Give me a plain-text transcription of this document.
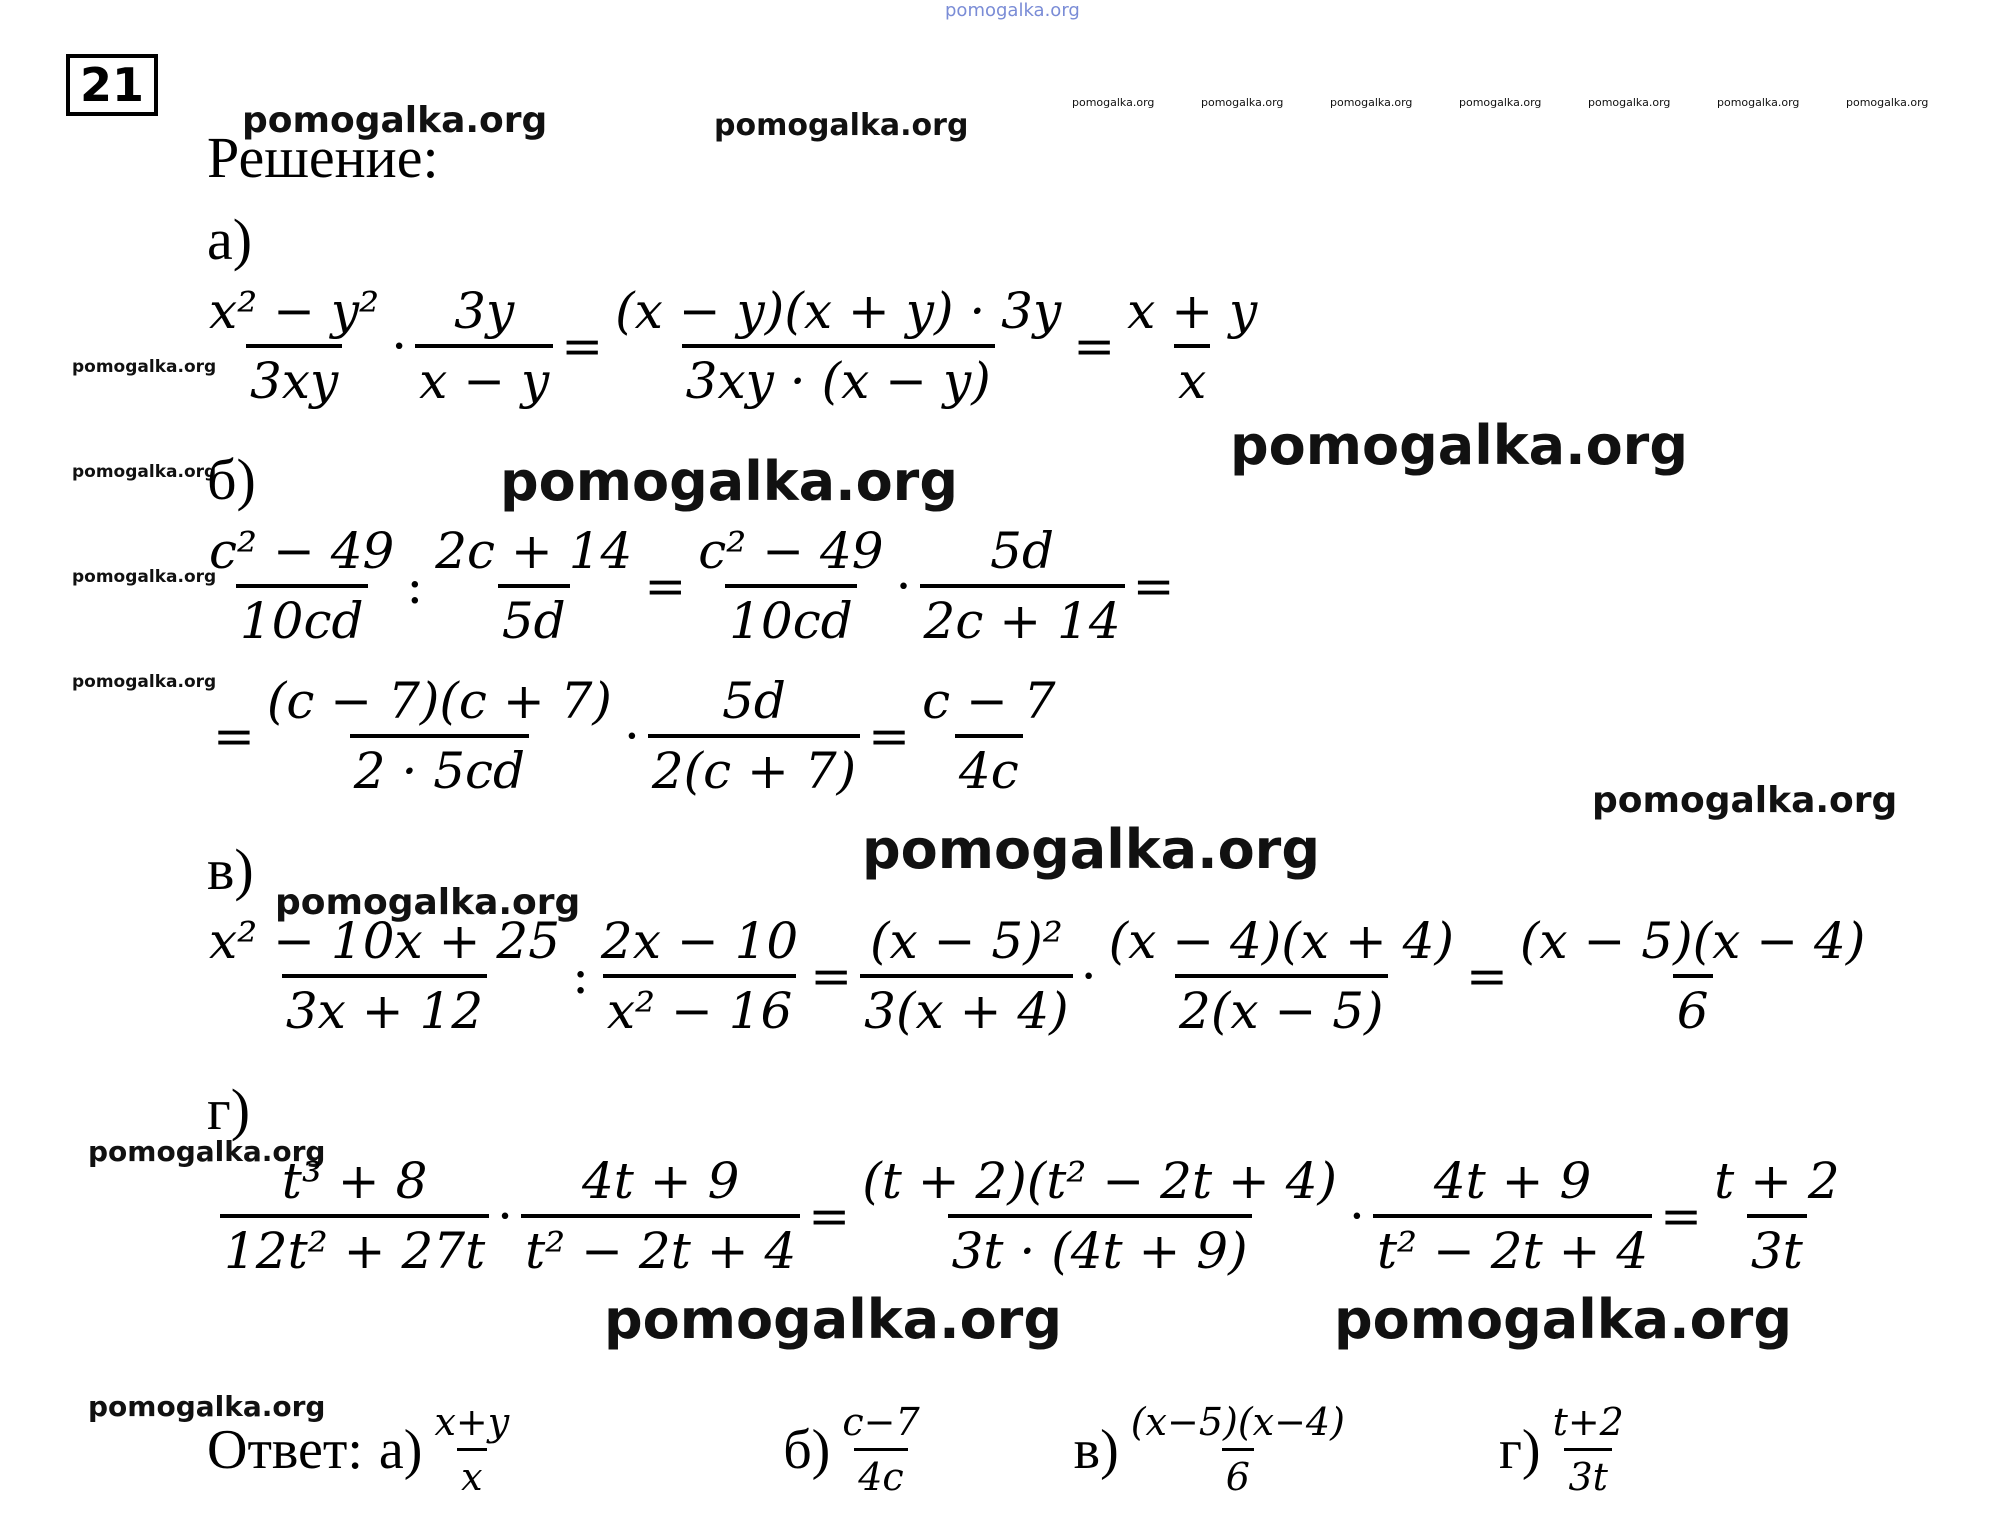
pomogalka.org
21
pomogalka.org	pomogalka.org
pomogalka.org	pomogalka.org	pomogalka.org	pomogalka.org	pomogalka.org	pomogalka.org	pomogalka.org
pomogalka.org
pomogalka.org
pomogalka.org	pomogalka.org
pomogalka.org
pomogalka.org
pomogalka.org
pomogalka.org
pomogalka.org
pomogalka.org
pomogalka.org	pomogalka.org
pomogalka.org
Решение:
а)
$\frac{\text{x² − y²}}{3xy} \cdot \frac{3y}{x - y} = \frac{(x - y)(x + y) \cdot 3y}{3xy \cdot (x - y)} = \frac{x + y}{x}$
б)
$\frac{\text{c² − 49}}{10cd}$ : $\frac{2c + 14}{5d} = \frac{\text{c² − 49}}{10cd} \cdot \frac{5d}{2c + 14}$ =
= $\frac{(c - 7)(c + 7)}{2 \cdot 5cd} \cdot \frac{5d}{2(c + 7)} = \frac{c - 7}{4c}$
в)
$\frac{\text{x² − 10x + 25}}{3x + 12}$ : $\frac{2x - 10}{\text{x² − 16}} = \frac{\text{(x − 5)²}}{3(x + 4)} \cdot \frac{(x - 4)(x + 4)}{2(x - 5)} = \frac{(x - 5)(x - 4)}{6}$
г)
$\frac{\text{t³ + 8}}{\text{12t² + 27t}} \cdot \frac{4t + 9}{\text{t² − 2t + 4}} = \frac{\text{(t + 2)(t² − 2t + 4)}}{3t \cdot (4t + 9)} \cdot \frac{4t + 9}{\text{t² − 2t + 4}} = \frac{t + 2}{3t}$
Ответ: $а) \frac{x+y}{x}$	$б) \frac{c-7}{4c}$	$в) \frac{(x-5)(x-4)}{6}$	$г) \frac{t+2}{3t}$
